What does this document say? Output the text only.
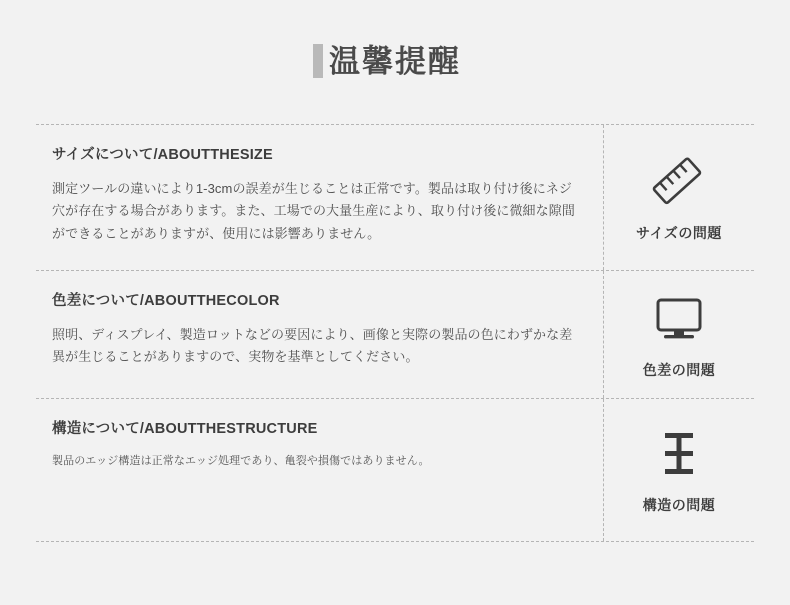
温馨提醒
サイズについて/ABOUTTHESIZE
測定ツールの違いにより1-3cmの誤差が生じることは正常です。製品は取り付け後にネジ穴が存在する場合があります。また、工場での大量生産により、取り付け後に微細な隙間ができることがありますが、使用には影響ありません。	サイズの問題
色差について/ABOUTTHECOLOR
照明、ディスプレイ、製造ロットなどの要因により、画像と実際の製品の色にわずかな差異が生じることがありますので、実物を基準としてください。
色差の問題
構造について/ABOUTTHESTRUCTURE
製品のエッジ構造は正常なエッジ処理であり、亀裂や損傷ではありません。
構造の問題
